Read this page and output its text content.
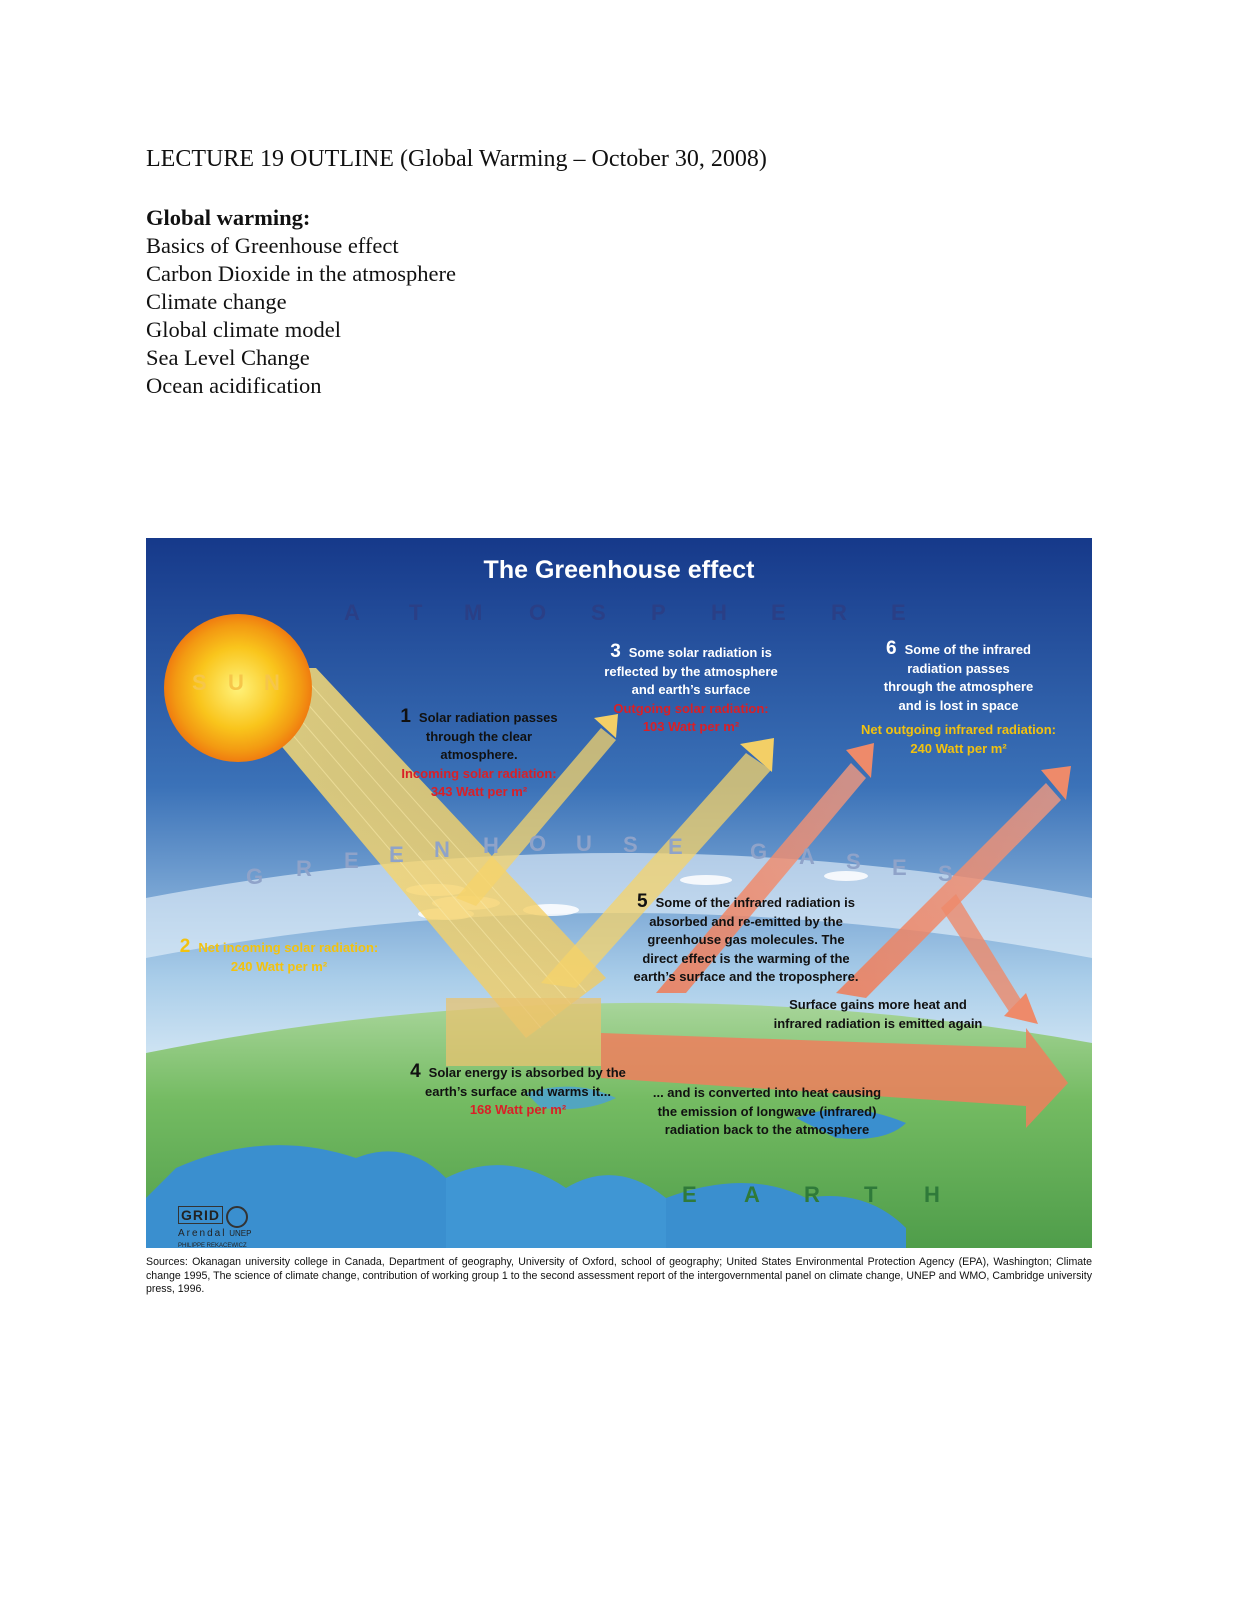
LECTURE 19 OUTLINE (Global Warming – October 30, 2008)
Global warming:
Basics of Greenhouse effect
Carbon Dioxide in the atmosphere
Climate change
Global climate model
Sea Level Change
Ocean acidification
The Greenhouse effect
A T M O S P H E R E
G R E E N H O U S E	G A S E S
S U N
E A R T H
1 Solar radiation passes
through the clear
atmosphere.
Incoming solar radiation:
343 Watt per m²
2 Net incoming solar radiation:
240 Watt per m²
3 Some solar radiation is
reflected by the atmosphere
and earth’s surface
Outgoing solar radiation:
103 Watt per m²
6 Some of the infrared
radiation passes
through the atmosphere
and is lost in space
Net outgoing infrared radiation:
240 Watt per m²
5 Some of the infrared radiation is
absorbed and re-emitted by the
greenhouse gas molecules. The
direct effect is the warming of the
earth’s surface and the troposphere.
Surface gains more heat and
infrared radiation is emitted again
4 Solar energy is absorbed by the
earth’s surface and warms it...
168 Watt per m²
... and is converted into heat causing
the emission of longwave (infrared)
radiation back to the atmosphere
GRID
Arendal UNEP
PHILIPPE REKACEWICZ
Sources: Okanagan university college in Canada, Department of geography, University of Oxford, school of geography; United States Environmental Protection Agency (EPA), Washington; Climate change 1995, The science of climate change, contribution of working group 1 to the second assessment report of the intergovernmental panel on climate change, UNEP and WMO, Cambridge university press, 1996.
